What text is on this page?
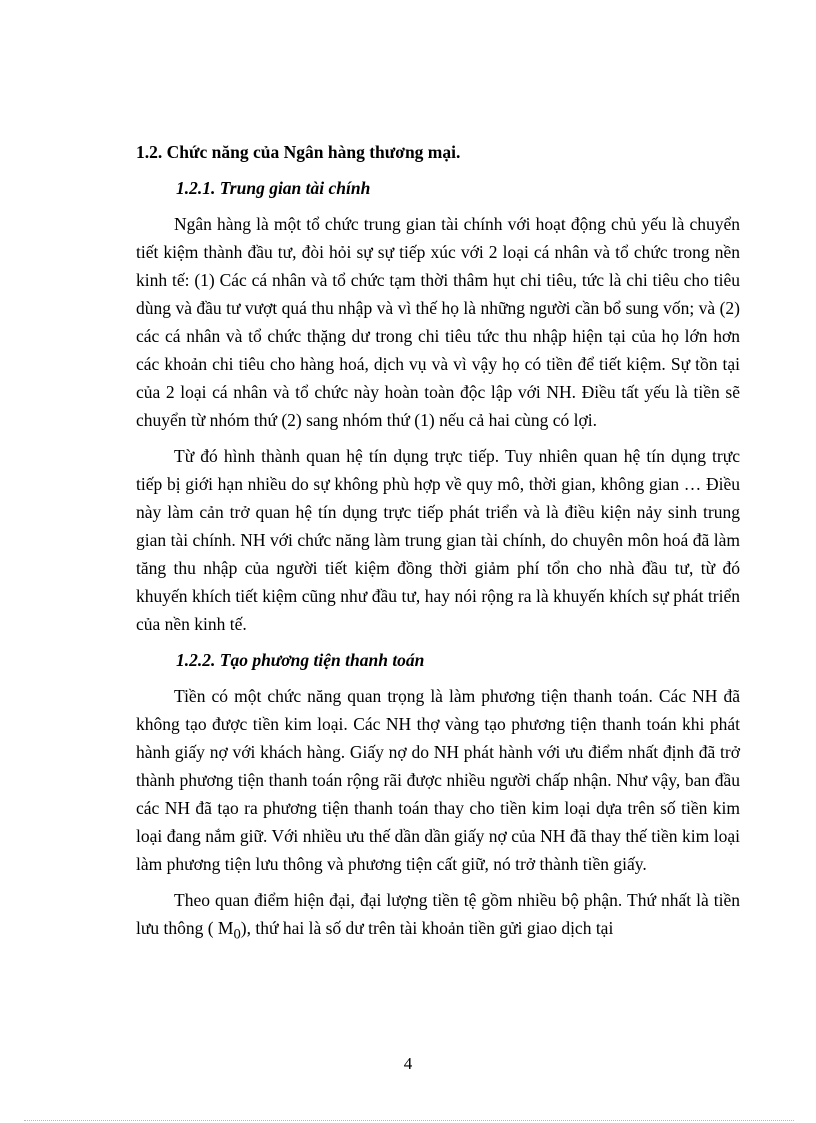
1.2. Chức năng của Ngân hàng thương mại.
1.2.1. Trung gian tài chính

Ngân hàng là một tổ chức trung gian tài chính với hoạt động chủ yếu là chuyển tiết kiệm thành đầu tư, đòi hỏi sự sự tiếp xúc với 2 loại cá nhân và tổ chức trong nền kinh tế: (1) Các cá nhân và tổ chức tạm thời thâm hụt chi tiêu, tức là chi tiêu cho tiêu dùng và đầu tư vượt quá thu nhập và vì thế họ là những người cần bổ sung vốn; và (2) các cá nhân và tổ chức thặng dư trong chi tiêu tức thu nhập hiện tại của họ lớn hơn các khoản chi tiêu cho hàng hoá, dịch vụ và vì vậy họ có tiền để tiết kiệm. Sự tồn tại của 2 loại cá nhân và tổ chức này hoàn toàn độc lập với NH. Điều tất yếu là tiền sẽ chuyển từ nhóm thứ (2) sang nhóm thứ (1) nếu cả hai cùng có lợi.

Từ đó hình thành quan hệ tín dụng trực tiếp. Tuy nhiên quan hệ tín dụng trực tiếp bị giới hạn nhiều do sự không phù hợp về quy mô, thời gian, không gian … Điều này làm cản trở quan hệ tín dụng trực tiếp phát triển và là điều kiện nảy sinh trung gian tài chính. NH với chức năng làm trung gian tài chính, do chuyên môn hoá đã làm tăng thu nhập của người tiết kiệm đồng thời giảm phí tổn cho nhà đầu tư, từ đó khuyến khích tiết kiệm cũng như đầu tư, hay nói rộng ra là khuyến khích sự phát triển của nền kinh tế.

1.2.2. Tạo phương tiện thanh toán

Tiền có một chức năng quan trọng là làm phương tiện thanh toán. Các NH đã không tạo được tiền kim loại. Các NH thợ vàng tạo phương tiện thanh toán khi phát hành giấy nợ với khách hàng. Giấy nợ do NH phát hành với ưu điểm nhất định đã trở thành phương tiện thanh toán rộng rãi được nhiều người chấp nhận. Như vậy, ban đầu các NH đã tạo ra phương tiện thanh toán thay cho tiền kim loại dựa trên số tiền kim loại đang nắm giữ. Với nhiều ưu thế dần dần giấy nợ của NH đã thay thế tiền kim loại làm phương tiện lưu thông và phương tiện cất giữ, nó trở thành tiền giấy.

Theo quan điểm hiện đại, đại lượng tiền tệ gồm nhiều bộ phận. Thứ nhất là tiền lưu thông ( $M_0$), thứ hai là số dư trên tài khoản tiền gửi giao dịch tại

4
